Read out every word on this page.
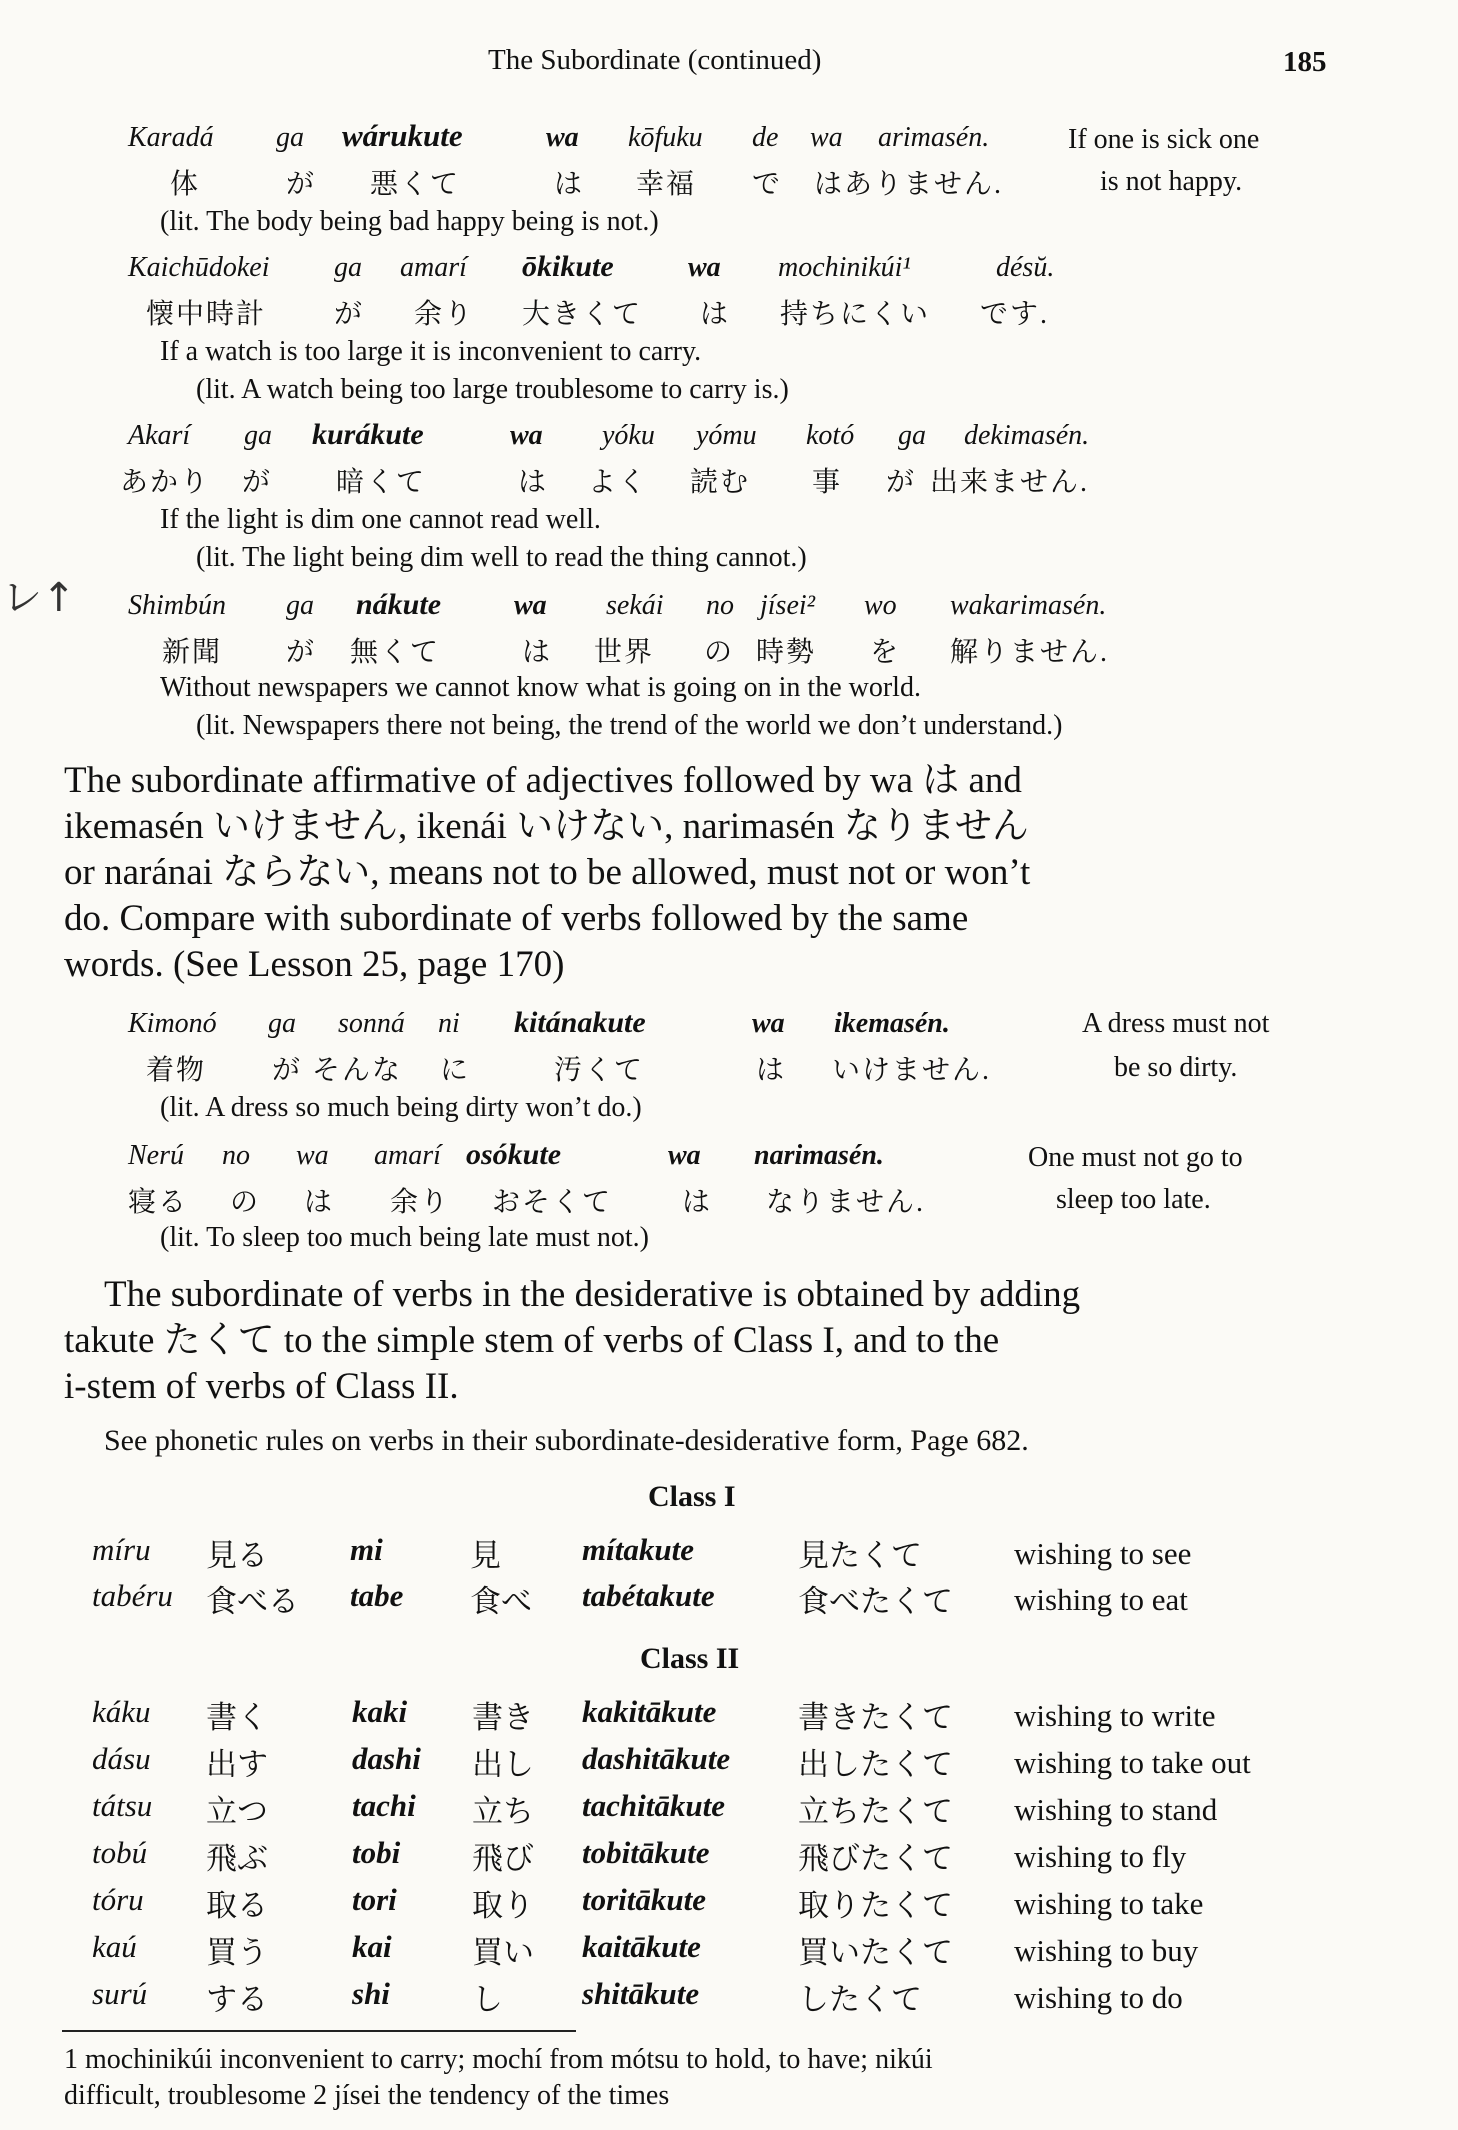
The Subordinate (continued)	185
レ↑
Karadá ga wárukute	wa kōfuku de wa arimasén.	If one is sick one
体	が 悪くて	は 幸福 で はありません.	is not happy.
(lit. The body being bad happy being is not.)
Kaichūdokei ga amarí ōkikute	wa mochinikúi¹	désŭ.
懐中時計 が 余り 大きくて は 持ちにくい です.
If a watch is too large it is inconvenient to carry.
(lit. A watch being too large troublesome to carry is.)
Akarí ga kurákute	wa yóku yómu kotó ga dekimasén.
あかり が 暗くて	は よく 読む 事 が 出来ません.
If the light is dim one cannot read well.
(lit. The light being dim well to read the thing cannot.)
Shimbún ga nákute	wa sekái no jísei² wo wakarimasén.
新聞 が 無くて	は 世界 の 時勢 を 解りません.
Without newspapers we cannot know what is going on in the world.
(lit. Newspapers there not being, the trend of the world we don’t understand.)
The subordinate affirmative of adjectives followed by wa は and
ikemasén いけません, ikenái いけない, narimasén なりません
or naránai ならない, means not to be allowed, must not or won’t
do. Compare with subordinate of verbs followed by the same
words. (See Lesson 25, page 170)
Kimonó ga sonná ni kitánakute	wa ikemasén.	A dress must not
着物 が そんな に	汚くて	は いけません.	be so dirty.
(lit. A dress so much being dirty won’t do.)
Nerú no wa amarí osókute	wa narimasén.	One must not go to
寝る の は 余り おそくて は なりません.	sleep too late.
(lit. To sleep too much being late must not.)
The subordinate of verbs in the desiderative is obtained by adding
takute たくて to the simple stem of verbs of Class I, and to the
i-stem of verbs of Class II.
See phonetic rules on verbs in their subordinate-desiderative form, Page 682.
Class I
míru 見る	mi	見	mítakute	見たくて	wishing to see
tabéru 食べる tabe 食べ tabétakute	食べたくて wishing to eat
Class II
káku 書く	kaki 書き kakitākute	書きたくて wishing to write
dásu 出す	dashi 出し dashitākute 出したくて wishing to take out
tátsu 立つ	tachi 立ち tachitākute 立ちたくて wishing to stand
tobú 飛ぶ	tobi 飛び tobitākute	飛びたくて wishing to fly
tóru 取る	tori 取り toritākute	取りたくて wishing to take
kaú 買う	kai	買い kaitākute	買いたくて wishing to buy
surú する	shi	し	shitākute	したくて	wishing to do
1 mochinikúi inconvenient to carry; mochí from mótsu to hold, to have; nikúi
difficult, troublesome 2 jísei the tendency of the times
